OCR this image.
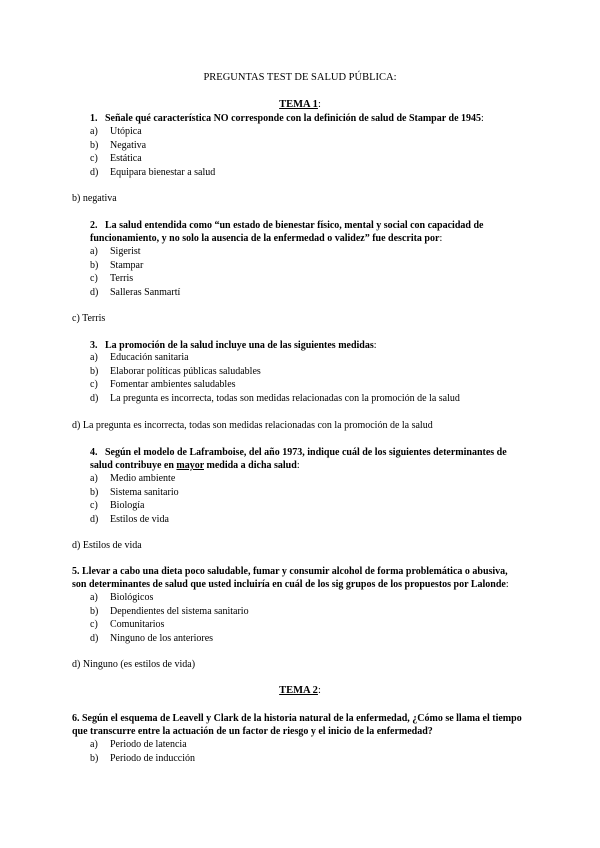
PREGUNTAS TEST DE SALUD PÚBLICA:
TEMA 1:
1. Señale qué característica NO corresponde con la definición de salud de Stampar de 1945:
a) Utópica
b) Negativa
c) Estática
d) Equipara bienestar a salud
b) negativa
2. La salud entendida como “un estado de bienestar físico, mental y social con capacidad de
funcionamiento, y no solo la ausencia de la enfermedad o validez” fue descrita por:
a) Sigerist
b) Stampar
c) Terris
d) Salleras Sanmartí
c) Terris
3. La promoción de la salud incluye una de las siguientes medidas:
a) Educación sanitaria
b) Elaborar políticas públicas saludables
c) Fomentar ambientes saludables
d) La pregunta es incorrecta, todas son medidas relacionadas con la promoción de la salud
d) La pregunta es incorrecta, todas son medidas relacionadas con la promoción de la salud
4. Según el modelo de Laframboise, del año 1973, indique cuál de los siguientes determinantes de
salud contribuye en mayor medida a dicha salud:
a) Medio ambiente
b) Sistema sanitario
c) Biología
d) Estilos de vida
d) Estilos de vida
5. Llevar a cabo una dieta poco saludable, fumar y consumir alcohol de forma problemática o abusiva,
son determinantes de salud que usted incluiría en cuál de los sig grupos de los propuestos por Lalonde:
a) Biológicos
b) Dependientes del sistema sanitario
c) Comunitarios
d) Ninguno de los anteriores
d) Ninguno (es estilos de vida)
TEMA 2:
6. Según el esquema de Leavell y Clark de la historia natural de la enfermedad, ¿Cómo se llama el tiempo
que transcurre entre la actuación de un factor de riesgo y el inicio de la enfermedad?
a) Periodo de latencia
b) Periodo de inducción
